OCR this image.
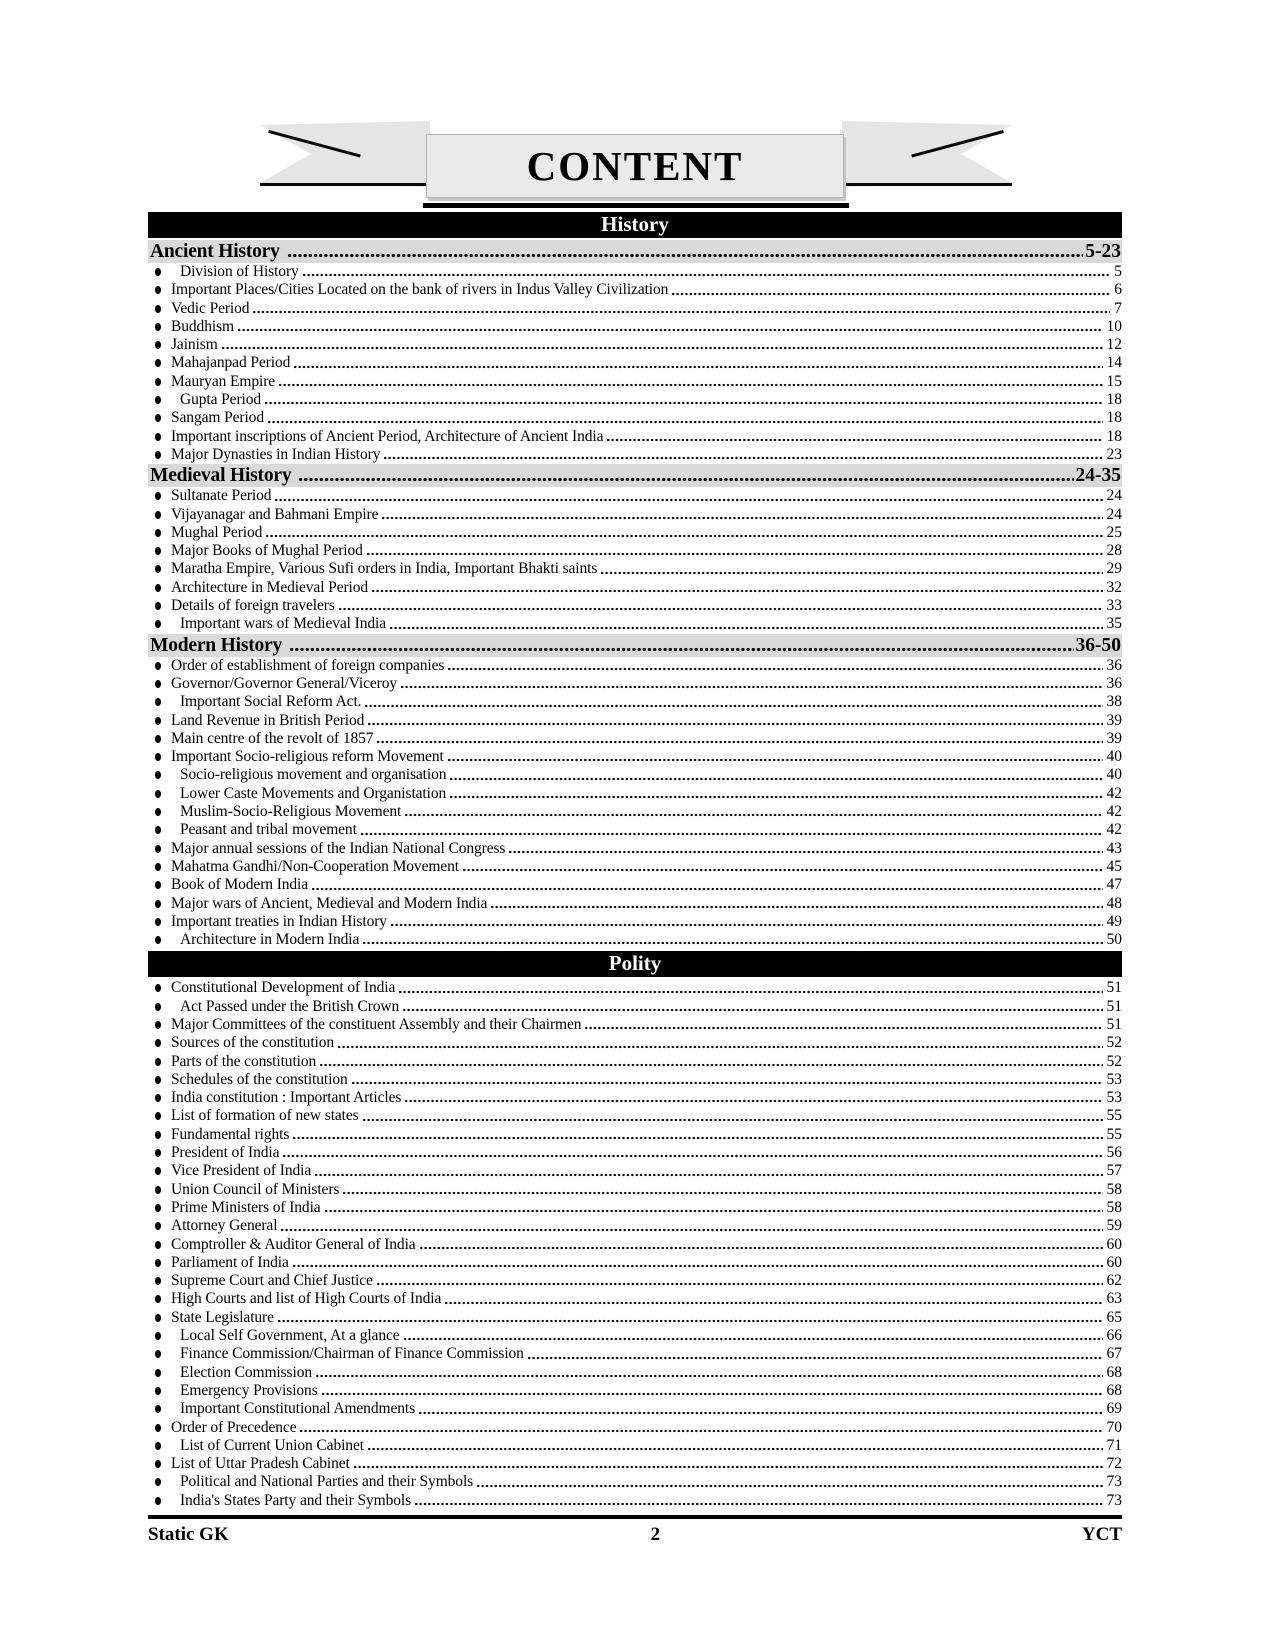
CONTENT
History
Ancient History	5-23
Division of History	5
Important Places/Cities Located on the bank of rivers in Indus Valley Civilization	6
Vedic Period	7
Buddhism	10
Jainism	12
Mahajanpad Period	14
Mauryan Empire	15
Gupta Period	18
Sangam Period	18
Important inscriptions of Ancient Period, Architecture of Ancient India	18
Major Dynasties in Indian History	23
Medieval History	24-35
Sultanate Period	24
Vijayanagar and Bahmani Empire	24
Mughal Period	25
Major Books of Mughal Period	28
Maratha Empire, Various Sufi orders in India, Important Bhakti saints	29
Architecture in Medieval Period	32
Details of foreign travelers	33
Important wars of Medieval India	35
Modern History	36-50
Order of establishment of foreign companies	36
Governor/Governor General/Viceroy	36
Important Social Reform Act.	38
Land Revenue in British Period	39
Main centre of the revolt of 1857	39
Important Socio-religious reform Movement	40
Socio-religious movement and organisation	40
Lower Caste Movements and Organistation	42
Muslim-Socio-Religious Movement	42
Peasant and tribal movement	42
Major annual sessions of the Indian National Congress	43
Mahatma Gandhi/Non-Cooperation Movement	45
Book of Modern India	47
Major wars of Ancient, Medieval and Modern India	48
Important treaties in Indian History	49
Architecture in Modern India	50
Polity
Constitutional Development of India	51
Act Passed under the British Crown	51
Major Committees of the constituent Assembly and their Chairmen	51
Sources of the constitution	52
Parts of the constitution	52
Schedules of the constitution	53
India constitution : Important Articles	53
List of formation of new states	55
Fundamental rights	55
President of India	56
Vice President of India	57
Union Council of Ministers	58
Prime Ministers of India	58
Attorney General	59
Comptroller & Auditor General of India	60
Parliament of India	60
Supreme Court and Chief Justice	62
High Courts and list of High Courts of India	63
State Legislature	65
Local Self Government, At a glance	66
Finance Commission/Chairman of Finance Commission	67
Election Commission	68
Emergency Provisions	68
Important Constitutional Amendments	69
Order of Precedence	70
List of Current Union Cabinet	71
List of Uttar Pradesh Cabinet	72
Political and National Parties and their Symbols	73
India's States Party and their Symbols	73
Static GK	2	YCT
